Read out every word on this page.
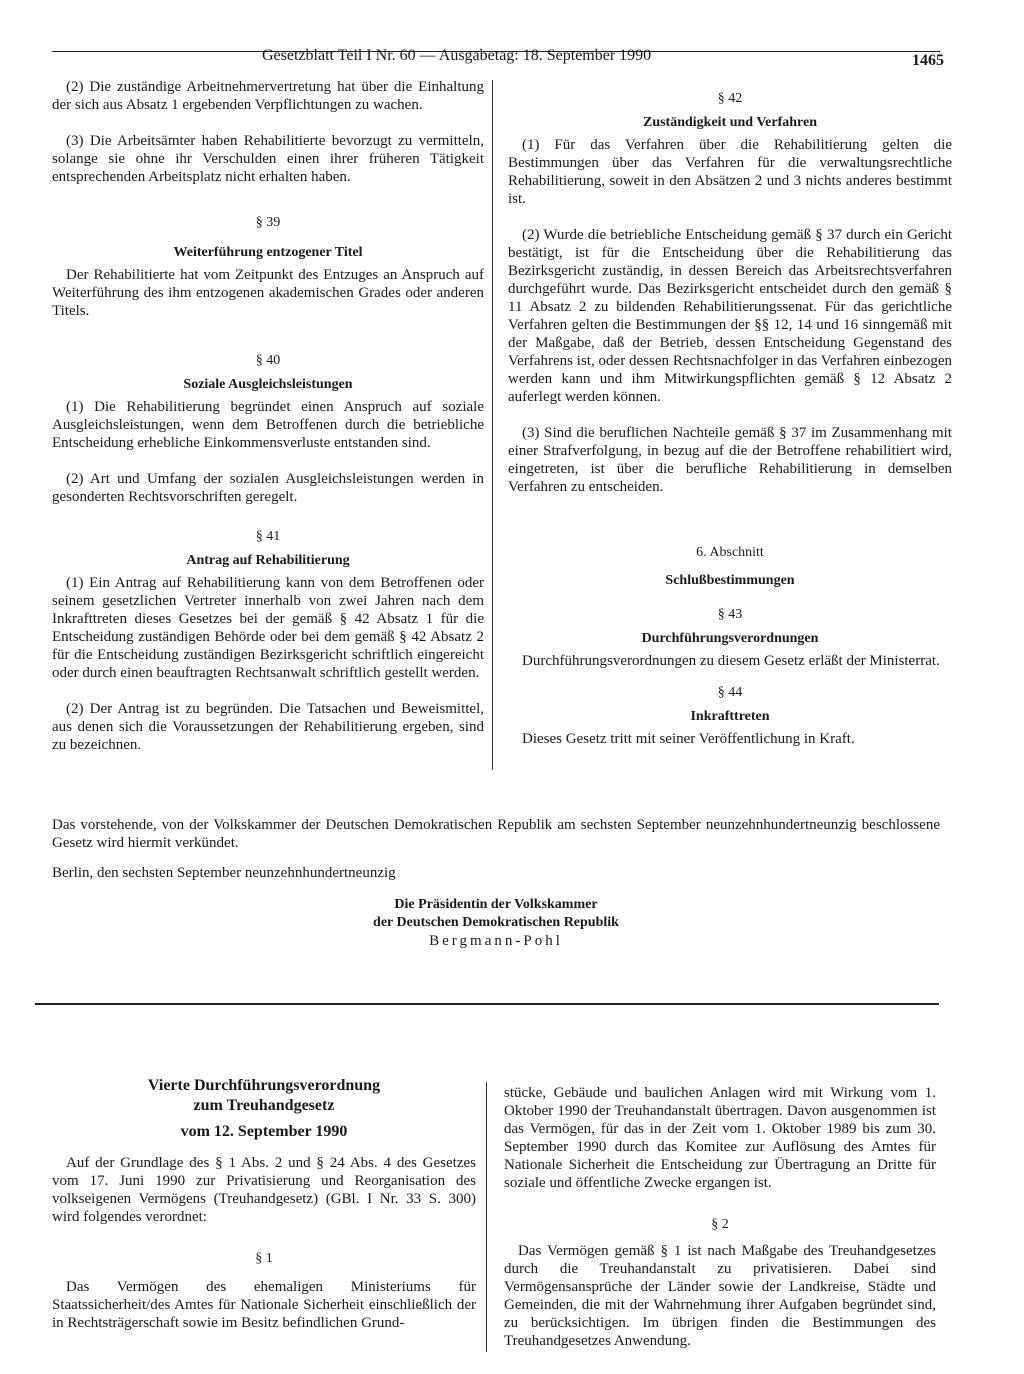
Gesetzblatt Teil I Nr. 60 — Ausgabetag: 18. September 1990	1465

(2) Die zuständige Arbeitnehmervertretung hat über die Einhaltung der sich aus Absatz 1 ergebenden Verpflichtungen zu wachen.

(3) Die Arbeitsämter haben Rehabilitierte bevorzugt zu vermitteln, solange sie ohne ihr Verschulden einen ihrer früheren Tätigkeit entsprechenden Arbeitsplatz nicht erhalten haben.

§ 39

Weiterführung entzogener Titel

Der Rehabilitierte hat vom Zeitpunkt des Entzuges an Anspruch auf Weiterführung des ihm entzogenen akademischen Grades oder anderen Titels.

§ 40

Soziale Ausgleichsleistungen

(1) Die Rehabilitierung begründet einen Anspruch auf soziale Ausgleichsleistungen, wenn dem Betroffenen durch die betriebliche Entscheidung erhebliche Einkommensverluste entstanden sind.

(2) Art und Umfang der sozialen Ausgleichsleistungen werden in gesonderten Rechtsvorschriften geregelt.

§ 41

Antrag auf Rehabilitierung

(1) Ein Antrag auf Rehabilitierung kann von dem Betroffenen oder seinem gesetzlichen Vertreter innerhalb von zwei Jahren nach dem Inkrafttreten dieses Gesetzes bei der gemäß § 42 Absatz 1 für die Entscheidung zuständigen Behörde oder bei dem gemäß § 42 Absatz 2 für die Entscheidung zuständigen Bezirksgericht schriftlich eingereicht oder durch einen beauftragten Rechtsanwalt schriftlich gestellt werden.

(2) Der Antrag ist zu begründen. Die Tatsachen und Beweismittel, aus denen sich die Voraussetzungen der Rehabilitierung ergeben, sind zu bezeichnen.

§ 42

Zuständigkeit und Verfahren

(1) Für das Verfahren über die Rehabilitierung gelten die Bestimmungen über das Verfahren für die verwaltungsrechtliche Rehabilitierung, soweit in den Absätzen 2 und 3 nichts anderes bestimmt ist.

(2) Wurde die betriebliche Entscheidung gemäß § 37 durch ein Gericht bestätigt, ist für die Entscheidung über die Rehabilitierung das Bezirksgericht zuständig, in dessen Bereich das Arbeitsrechtsverfahren durchgeführt wurde. Das Bezirksgericht entscheidet durch den gemäß § 11 Absatz 2 zu bildenden Rehabilitierungssenat. Für das gerichtliche Verfahren gelten die Bestimmungen der §§ 12, 14 und 16 sinngemäß mit der Maßgabe, daß der Betrieb, dessen Entscheidung Gegenstand des Verfahrens ist, oder dessen Rechtsnachfolger in das Verfahren einbezogen werden kann und ihm Mitwirkungspflichten gemäß § 12 Absatz 2 auferlegt werden können.

(3) Sind die beruflichen Nachteile gemäß § 37 im Zusammenhang mit einer Strafverfolgung, in bezug auf die der Betroffene rehabilitiert wird, eingetreten, ist über die berufliche Rehabilitierung in demselben Verfahren zu entscheiden.

6. Abschnitt

Schlußbestimmungen

§ 43

Durchführungsverordnungen

Durchführungsverordnungen zu diesem Gesetz erläßt der Ministerrat.

§ 44

Inkrafttreten

Dieses Gesetz tritt mit seiner Veröffentlichung in Kraft.

Das vorstehende, von der Volkskammer der Deutschen Demokratischen Republik am sechsten September neunzehnhundertneunzig beschlossene Gesetz wird hiermit verkündet.

Berlin, den sechsten September neunzehnhundertneunzig

Die Präsidentin der Volkskammer

der Deutschen Demokratischen Republik

Bergmann-Pohl

Vierte Durchführungsverordnung

zum Treuhandgesetz

vom 12. September 1990

Auf der Grundlage des § 1 Abs. 2 und § 24 Abs. 4 des Gesetzes vom 17. Juni 1990 zur Privatisierung und Reorganisation des volkseigenen Vermögens (Treuhandgesetz) (GBl. I Nr. 33 S. 300) wird folgendes verordnet:

§ 1

Das Vermögen des ehemaligen Ministeriums für Staatssicherheit/des Amtes für Nationale Sicherheit einschließlich der in Rechtsträgerschaft sowie im Besitz befindlichen Grund-

stücke, Gebäude und baulichen Anlagen wird mit Wirkung vom 1. Oktober 1990 der Treuhandanstalt übertragen. Davon ausgenommen ist das Vermögen, für das in der Zeit vom 1. Oktober 1989 bis zum 30. September 1990 durch das Komitee zur Auflösung des Amtes für Nationale Sicherheit die Entscheidung zur Übertragung an Dritte für soziale und öffentliche Zwecke ergangen ist.

§ 2

Das Vermögen gemäß § 1 ist nach Maßgabe des Treuhandgesetzes durch die Treuhandanstalt zu privatisieren. Dabei sind Vermögensansprüche der Länder sowie der Landkreise, Städte und Gemeinden, die mit der Wahrnehmung ihrer Aufgaben begründet sind, zu berücksichtigen. Im übrigen finden die Bestimmungen des Treuhandgesetzes Anwendung.
